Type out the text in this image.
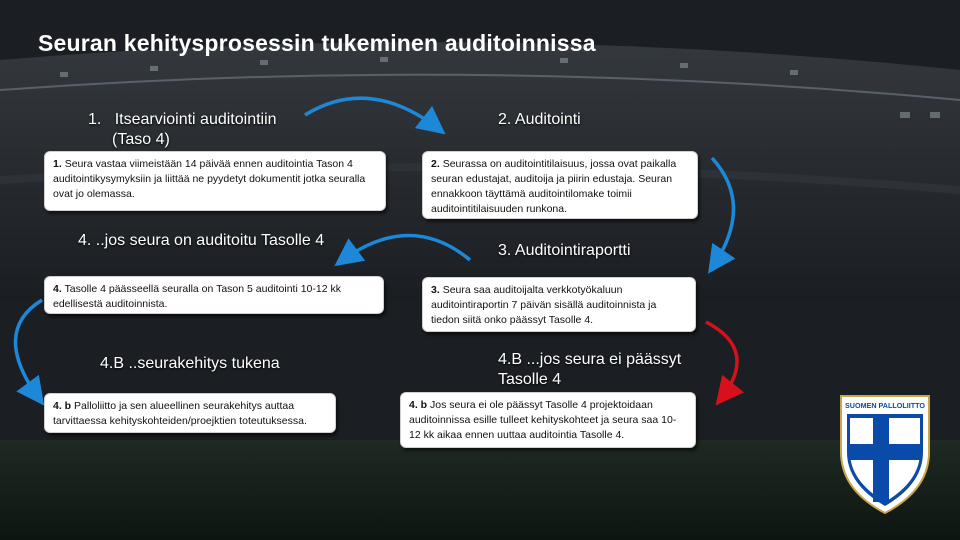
Seuran kehitysprosessin tukeminen auditoinnissa
1. Itsearviointi auditointiin
(Taso 4)
1. Seura vastaa viimeistään 14 päivää ennen auditointia Tason 4 auditointikysymyksiin ja liittää ne pyydetyt dokumentit jotka seuralla ovat jo olemassa.
2. Auditointi
2. Seurassa on auditointitilaisuus, jossa ovat paikalla seuran edustajat, auditoija ja piirin edustaja. Seuran ennakkoon täyttämä auditointilomake toimii auditointitilaisuuden runkona.
3. Auditointiraportti
3. Seura saa auditoijalta verkkotyökaluun auditointiraportin 7 päivän sisällä auditoinnista ja tiedon siitä onko päässyt Tasolle 4.
4. ..jos seura on auditoitu Tasolle 4
4. Tasolle 4 päässeellä seuralla on Tason 5 auditointi 10-12 kk edellisestä auditoinnista.
4.B ..seurakehitys tukena
4. b Palloliitto ja sen alueellinen seurakehitys auttaa tarvittaessa kehityskohteiden/proejktien toteutuksessa.
4.B ...jos seura ei päässyt Tasolle 4
4. b Jos seura ei ole päässyt Tasolle 4 projektoidaan auditoinnissa esille tulleet kehityskohteet ja seura saa 10-12 kk aikaa ennen uuttaa auditointia Tasolle 4.
SUOMEN PALLOLIITTO
